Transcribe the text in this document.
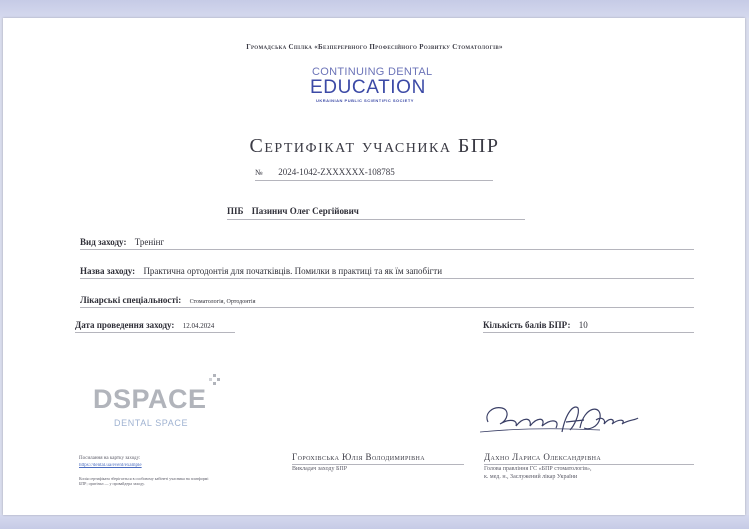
Громадська Спілка «Безперервного Професійного Розвитку Стоматологів»
CONTINUING DENTAL
EDUCATION
UKRAINIAN PUBLIC SCIENTIFIC SOCIETY
Сертифікат учасника БПР
№ 2024-1042-ZXXXXXX-108785
ПІБ Пазинич Олег Сергійович
Вид заходу: Тренінг
Назва заходу: Практична ортодонтія для початківців. Помилки в практиці та як їм запобігти
Лікарські спеціальності: Стоматологія, Ортодонтія
Дата проведення заходу: 12.04.2024	Кількість балів БПР: 10
DSPACE
DENTAL SPACE
Посилання на картку заходу:
https://dental.ua/event/example
Копія сертифіката зберігається в особовому кабінеті учасника на платформі БПР; оригінал — у провайдера заходу.
Горохівська Юлія Володимирівна
Викладач заходу БПР
Дахно Лариса Олександрівна
Голова правління ГС «БПР стоматологів»,
к. мед. н., Заслужений лікар України
